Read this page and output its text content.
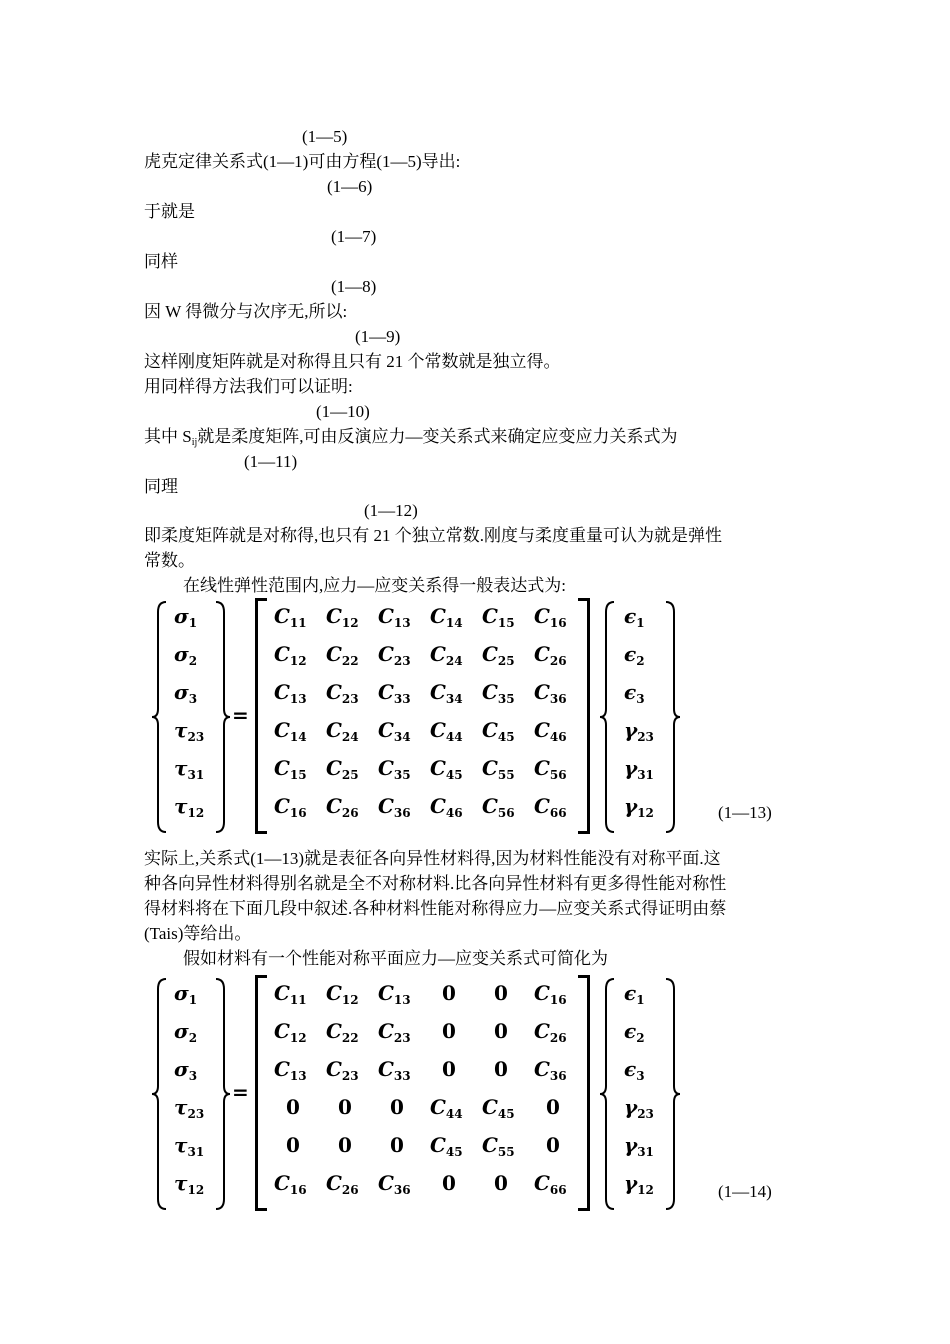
(1—5)
虎克定律关系式(1—1)可由方程(1—5)导出:
(1—6)
于就是
(1—7)
同样
(1—8)
因 W 得微分与次序无,所以:
(1—9)
这样刚度矩阵就是对称得且只有 21 个常数就是独立得。
用同样得方法我们可以证明:
(1—10)
其中 $S_{ij}$就是柔度矩阵,可由反演应力—变关系式来确定应变应力关系式为
(1—11)
同理
(1—12)
即柔度矩阵就是对称得,也只有 21 个独立常数.刚度与柔度重量可认为就是弹性
常数。
在线性弹性范围内,应力—应变关系得一般表达式为:
$\sigma_1$
$\sigma_2$
$\sigma_3$
$\tau_{23}$
$\tau_{31}$
$\tau_{12}$
=
$C_{11}$ $C_{12}$ $C_{13}$ $C_{14}$ $C_{15}$ $C_{16}$
$C_{12}$ $C_{22}$ $C_{23}$ $C_{24}$ $C_{25}$ $C_{26}$
$C_{13}$ $C_{23}$ $C_{33}$ $C_{34}$ $C_{35}$ $C_{36}$
$C_{14}$ $C_{24}$ $C_{34}$ $C_{44}$ $C_{45}$ $C_{46}$
$C_{15}$ $C_{25}$ $C_{35}$ $C_{45}$ $C_{55}$ $C_{56}$
$C_{16}$ $C_{26}$ $C_{36}$ $C_{46}$ $C_{56}$ $C_{66}$
$\epsilon_1$
$\epsilon_2$
$\epsilon_3$
$\gamma_{23}$
$\gamma_{31}$
$\gamma_{12}$	(1—13)
实际上,关系式(1—13)就是表征各向异性材料得,因为材料性能没有对称平面.这
种各向异性材料得别名就是全不对称材料.比各向异性材料有更多得性能对称性
得材料将在下面几段中叙述.各种材料性能对称得应力—应变关系式得证明由蔡
(Tais)等给出。
假如材料有一个性能对称平面应力—应变关系式可简化为
$\sigma_1$
$\sigma_2$
$\sigma_3$
$\tau_{23}$
$\tau_{31}$
$\tau_{12}$
=
$C_{11}$ $C_{12}$ $C_{13}$ 0 0 $C_{16}$
$C_{12}$ $C_{22}$ $C_{23}$ 0 0 $C_{26}$
$C_{13}$ $C_{23}$ $C_{33}$ 0 0 $C_{36}$
0 0 0 $C_{44}$ $C_{45}$ 0
0 0 0 $C_{45}$ $C_{55}$ 0
$C_{16}$ $C_{26}$ $C_{36}$ 0 0 $C_{66}$
$\epsilon_1$
$\epsilon_2$
$\epsilon_3$
$\gamma_{23}$
$\gamma_{31}$
$\gamma_{12}$	(1—14)
